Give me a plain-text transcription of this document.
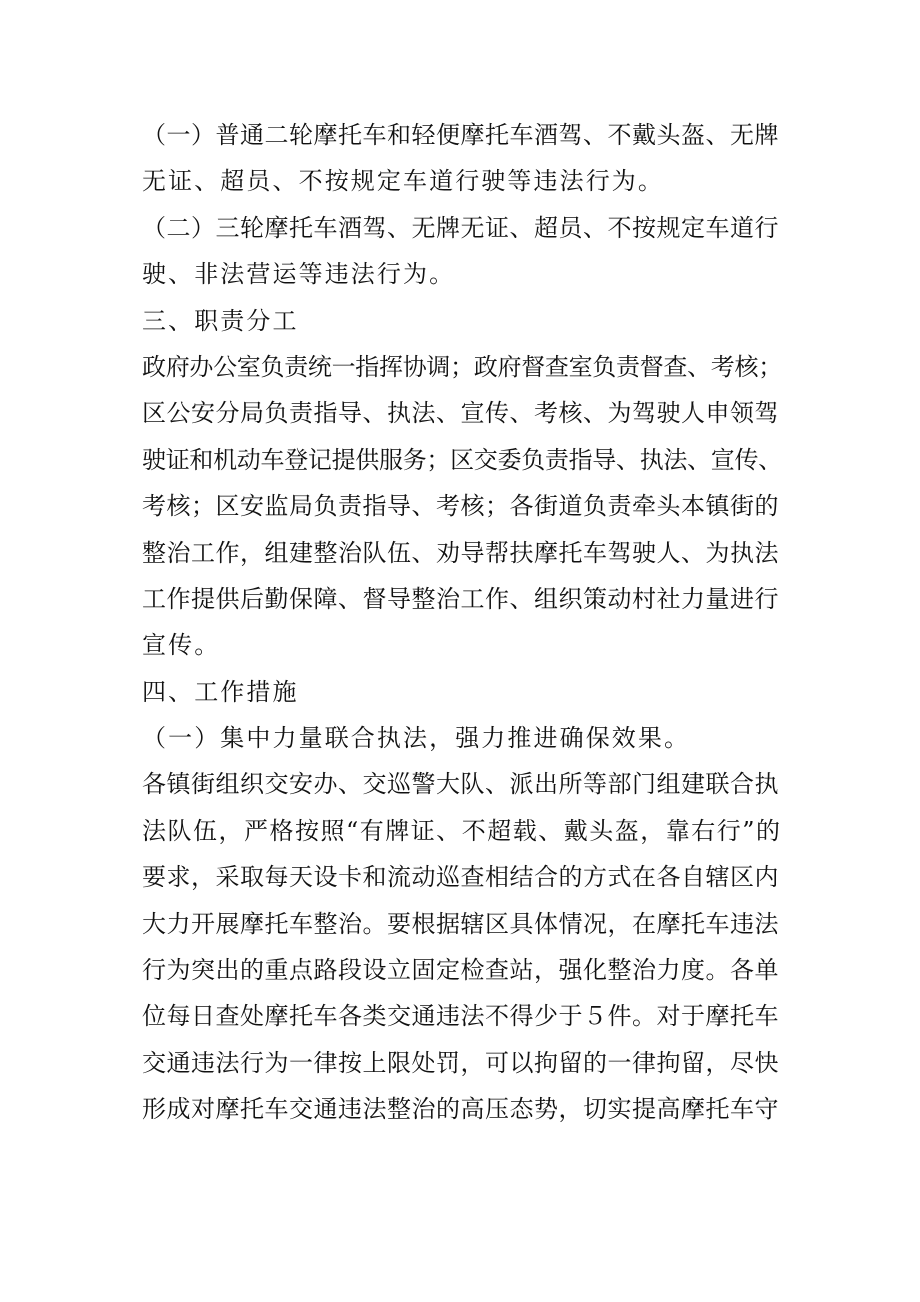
（一）普通二轮摩托车和轻便摩托车酒驾、不戴头盔、无牌
无证、超员、不按规定车道行驶等违法行为。
（二）三轮摩托车酒驾、无牌无证、超员、不按规定车道行
驶、非法营运等违法行为。
三、职责分工
政府办公室负责统一指挥协调；政府督查室负责督查、考核；
区公安分局负责指导、执法、宣传、考核、为驾驶人申领驾
驶证和机动车登记提供服务；区交委负责指导、执法、宣传、
考核；区安监局负责指导、考核；各街道负责牵头本镇街的
整治工作，组建整治队伍、劝导帮扶摩托车驾驶人、为执法
工作提供后勤保障、督导整治工作、组织策动村社力量进行
宣传。
四、工作措施
（一）集中力量联合执法，强力推进确保效果。
各镇街组织交安办、交巡警大队、派出所等部门组建联合执
法队伍，严格按照“有牌证、不超载、戴头盔，靠右行”的
要求，采取每天设卡和流动巡查相结合的方式在各自辖区内
大力开展摩托车整治。要根据辖区具体情况，在摩托车违法
行为突出的重点路段设立固定检查站，强化整治力度。各单
位每日查处摩托车各类交通违法不得少于５件。对于摩托车
交通违法行为一律按上限处罚，可以拘留的一律拘留，尽快
形成对摩托车交通违法整治的高压态势，切实提高摩托车守
